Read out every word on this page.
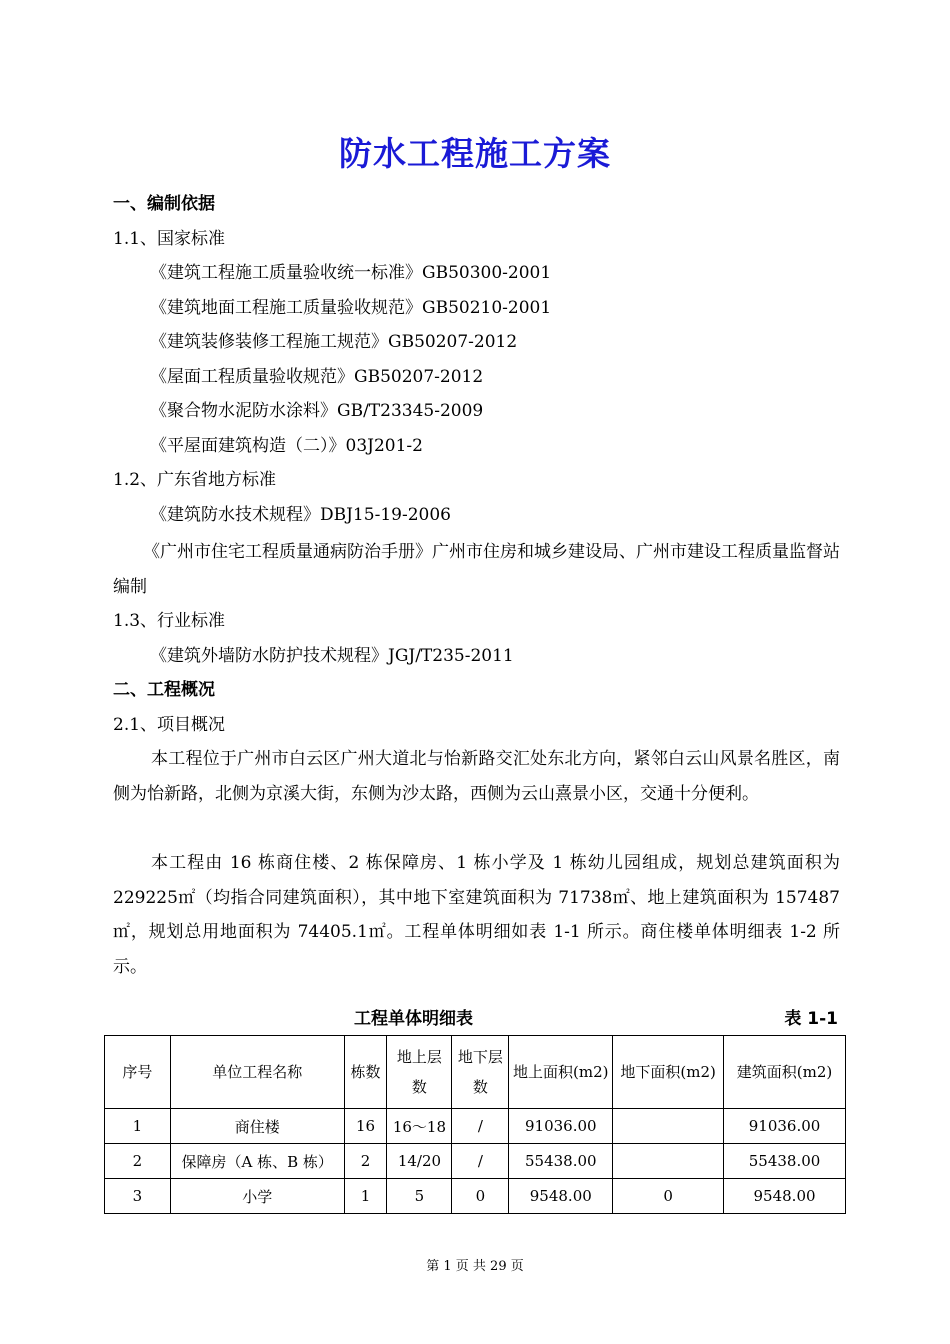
防水工程施工方案
一、编制依据
1.1、国家标准
《建筑工程施工质量验收统一标准》GB50300-2001
《建筑地面工程施工质量验收规范》GB50210-2001
《建筑装修装修工程施工规范》GB50207-2012
《屋面工程质量验收规范》GB50207-2012
《聚合物水泥防水涂料》GB/T23345-2009
《平屋面建筑构造（二）》03J201-2
1.2、广东省地方标准
《建筑防水技术规程》DBJ15-19-2006
《广州市住宅工程质量通病防治手册》广州市住房和城乡建设局、广州市建设工程质量监督站编制
1.3、行业标准
《建筑外墙防水防护技术规程》JGJ/T235-2011
二、工程概况
2.1、项目概况
本工程位于广州市白云区广州大道北与怡新路交汇处东北方向，紧邻白云山风景名胜区，南侧为怡新路，北侧为京溪大街，东侧为沙太路，西侧为云山熹景小区，交通十分便利。
本工程由 16 栋商住楼、2 栋保障房、1 栋小学及 1 栋幼儿园组成，规划总建筑面积为 229225㎡（均指合同建筑面积），其中地下室建筑面积为 71738㎡、地上建筑面积为 157487㎡，规划总用地面积为 74405.1㎡。工程单体明细如表 1-1 所示。商住楼单体明细表 1-2 所示。
工程单体明细表	表 1-1
序号	单位工程名称	栋数	地上层数	地下层数	地上面积(m2)	地下面积(m2)	建筑面积(m2)
1	商住楼	16	16～18	/	91036.00		91036.00
2	保障房（A 栋、B 栋）	2	14/20	/	55438.00		55438.00
3	小学	1	5	0	9548.00	0	9548.00
第 1 页 共 29 页
